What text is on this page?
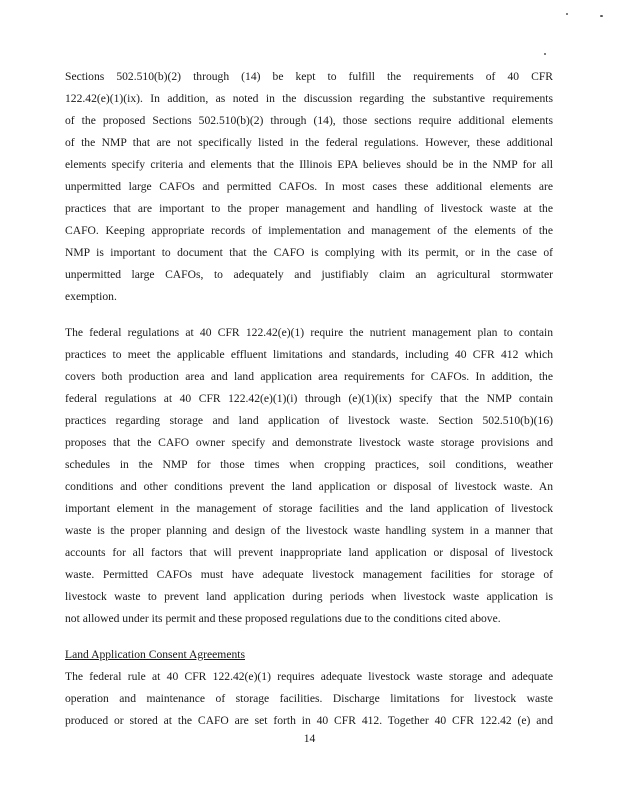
Sections 502.510(b)(2) through (14) be kept to fulfill the requirements of 40 CFR
122.42(e)(1)(ix). In addition, as noted in the discussion regarding the substantive requirements
of the proposed Sections 502.510(b)(2) through (14), those sections require additional elements
of the NMP that are not specifically listed in the federal regulations. However, these additional
elements specify criteria and elements that the Illinois EPA believes should be in the NMP for all
unpermitted large CAFOs and permitted CAFOs. In most cases these additional elements are
practices that are important to the proper management and handling of livestock waste at the
CAFO. Keeping appropriate records of implementation and management of the elements of the
NMP is important to document that the CAFO is complying with its permit, or in the case of
unpermitted large CAFOs, to adequately and justifiably claim an agricultural stormwater
exemption.
The federal regulations at 40 CFR 122.42(e)(1) require the nutrient management plan to contain
practices to meet the applicable effluent limitations and standards, including 40 CFR 412 which
covers both production area and land application area requirements for CAFOs. In addition, the
federal regulations at 40 CFR 122.42(e)(1)(i) through (e)(1)(ix) specify that the NMP contain
practices regarding storage and land application of livestock waste. Section 502.510(b)(16)
proposes that the CAFO owner specify and demonstrate livestock waste storage provisions and
schedules in the NMP for those times when cropping practices, soil conditions, weather
conditions and other conditions prevent the land application or disposal of livestock waste. An
important element in the management of storage facilities and the land application of livestock
waste is the proper planning and design of the livestock waste handling system in a manner that
accounts for all factors that will prevent inappropriate land application or disposal of livestock
waste. Permitted CAFOs must have adequate livestock management facilities for storage of
livestock waste to prevent land application during periods when livestock waste application is
not allowed under its permit and these proposed regulations due to the conditions cited above.
Land Application Consent Agreements
The federal rule at 40 CFR 122.42(e)(1) requires adequate livestock waste storage and adequate
operation and maintenance of storage facilities. Discharge limitations for livestock waste
produced or stored at the CAFO are set forth in 40 CFR 412. Together 40 CFR 122.42 (e) and
14
